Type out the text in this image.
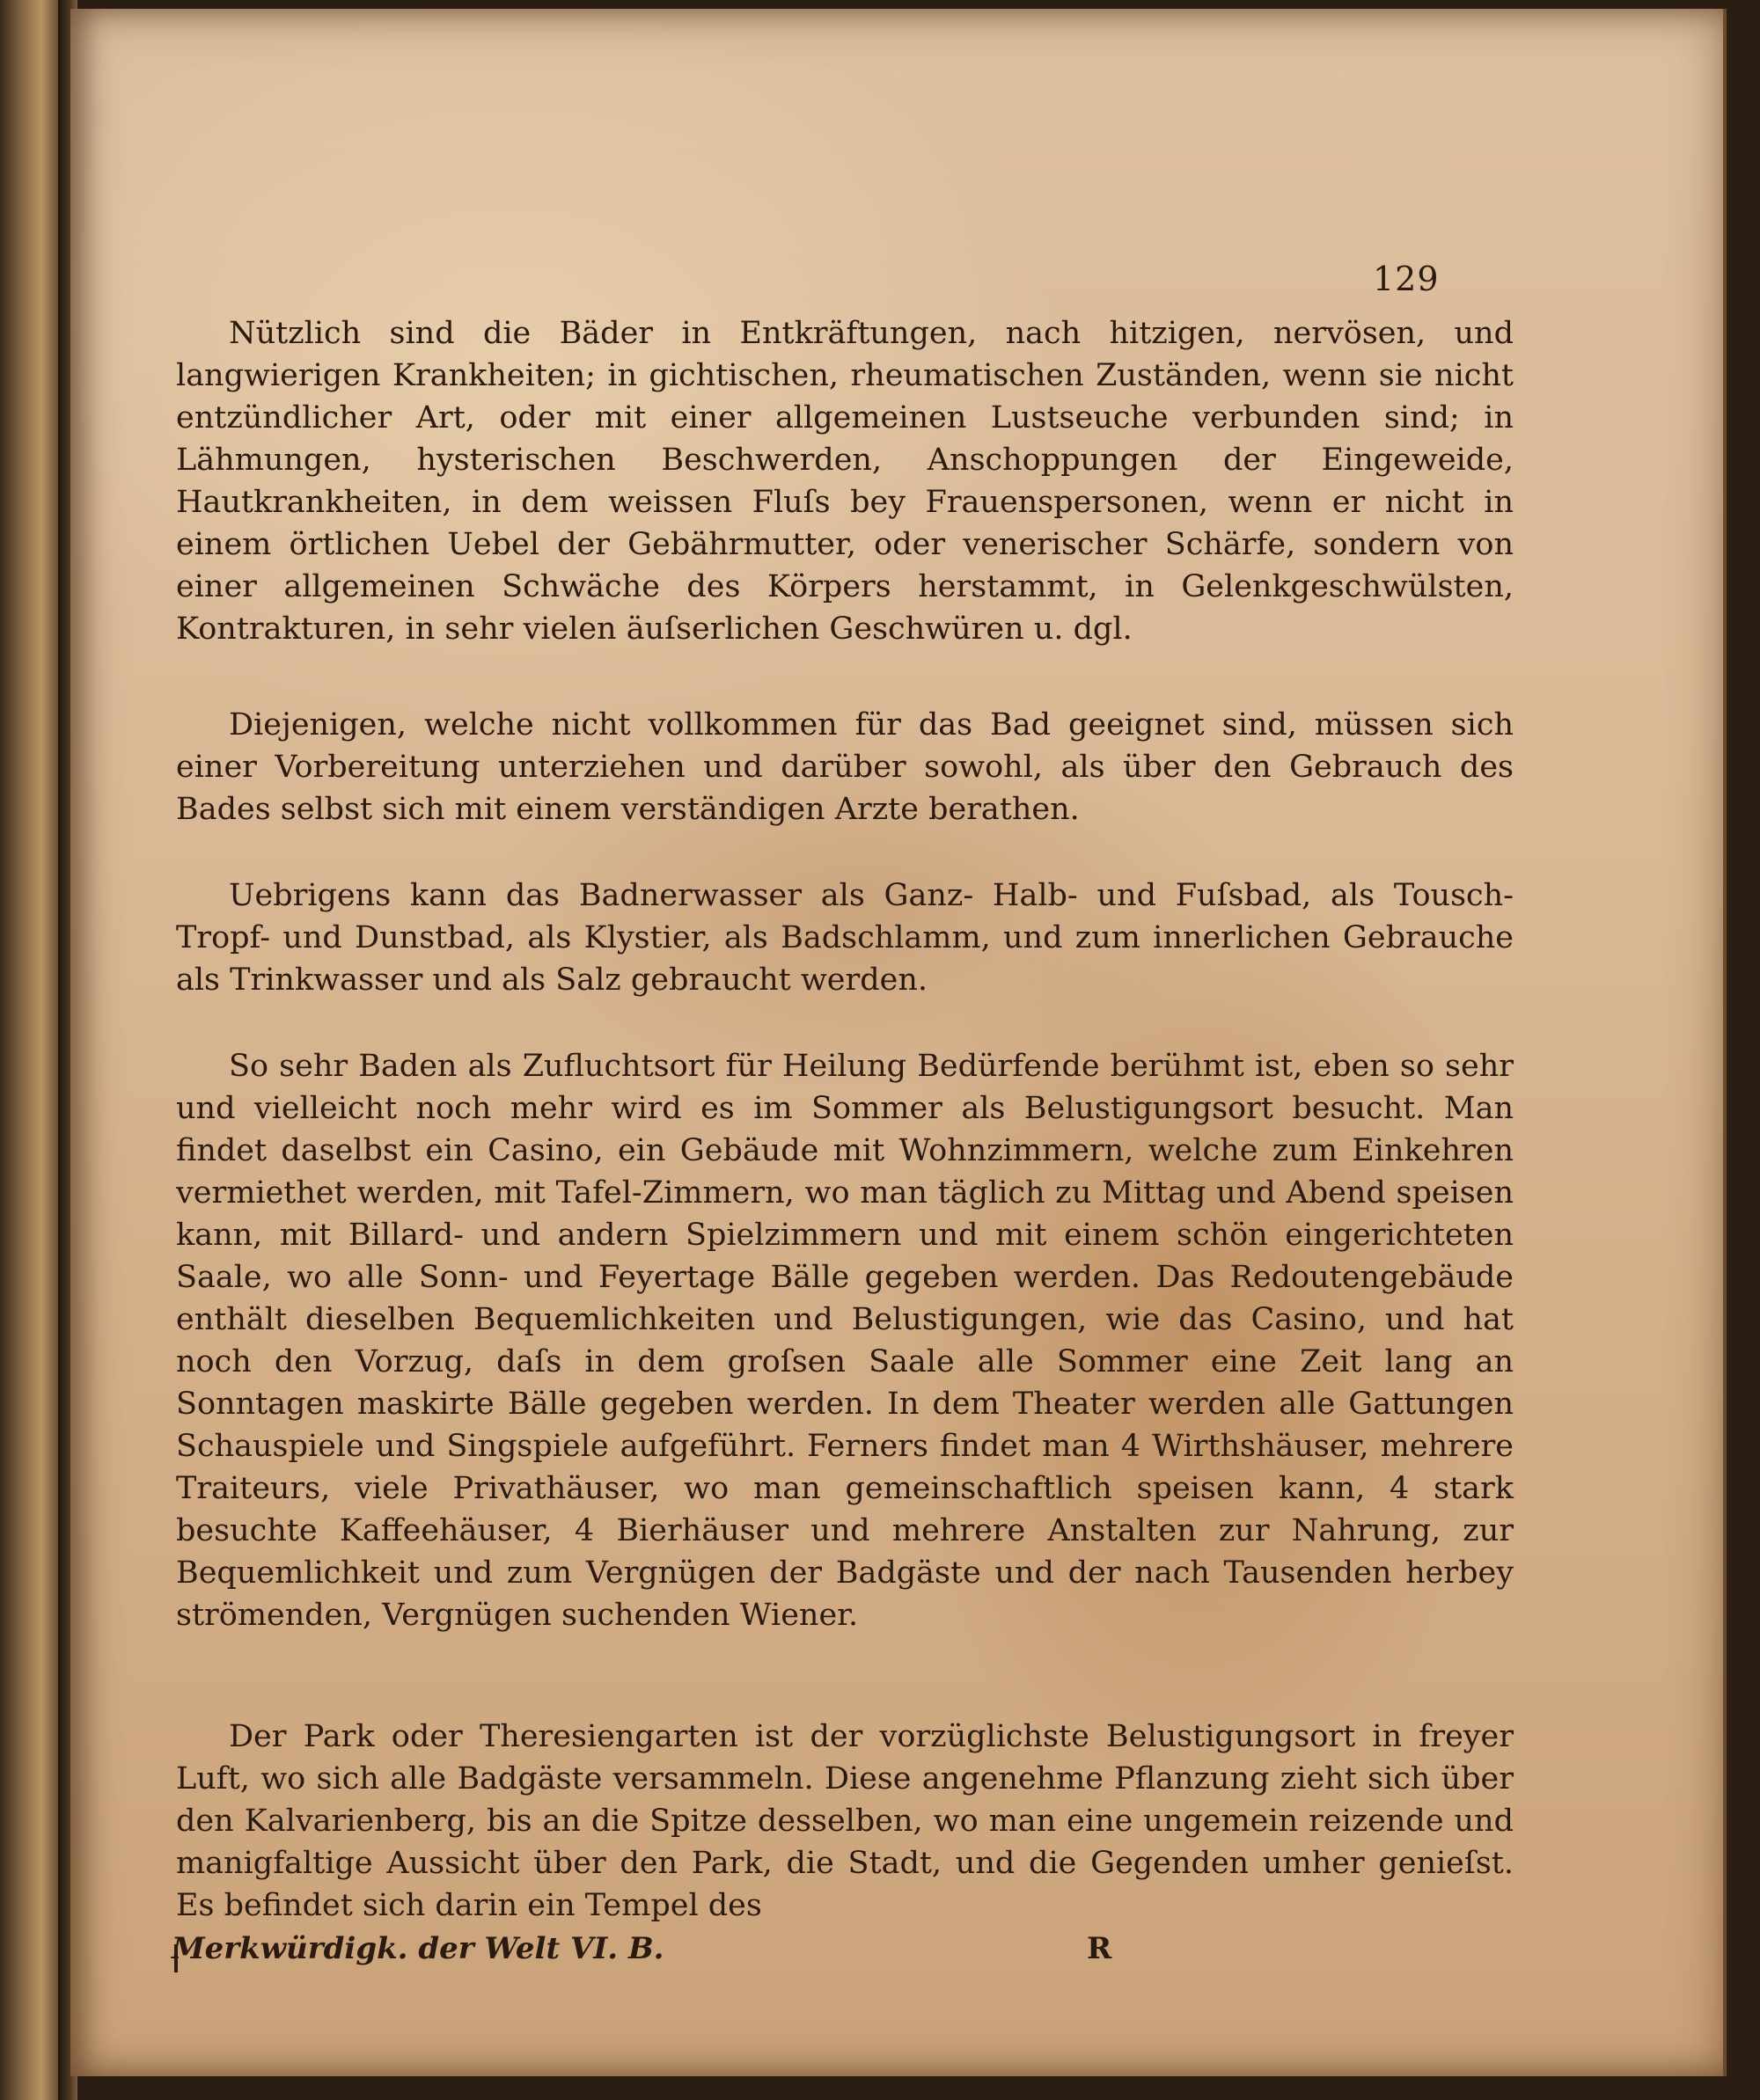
129
Nützlich sind die Bäder in Entkräftungen, nach hitzigen, nervösen, und langwierigen Krankheiten; in gichtischen, rheumatischen Zuständen, wenn sie nicht entzündlicher Art, oder mit einer allgemeinen Lustseuche verbunden sind; in Lähmungen, hysterischen Beschwerden, Anschoppungen der Eingeweide, Hautkrankheiten, in dem weissen Fluſs bey Frauenspersonen, wenn er nicht in einem örtlichen Uebel der Gebährmutter, oder venerischer Schärfe, sondern von einer allgemeinen Schwäche des Körpers herstammt, in Gelenkgeschwülsten, Kontrakturen, in sehr vielen äuſserlichen Geschwüren u. dgl.
Diejenigen, welche nicht vollkommen für das Bad geeignet sind, müssen sich einer Vorbereitung unterziehen und darüber sowohl, als über den Gebrauch des Bades selbst sich mit einem verständigen Arzte berathen.
Uebrigens kann das Badnerwasser als Ganz- Halb- und Fuſsbad, als Tousch- Tropf- und Dunstbad, als Klystier, als Badschlamm, und zum innerlichen Gebrauche als Trinkwasser und als Salz gebraucht werden.
So sehr Baden als Zufluchtsort für Heilung Bedürfende berühmt ist, eben so sehr und vielleicht noch mehr wird es im Sommer als Belustigungsort besucht. Man findet daselbst ein Casino, ein Gebäude mit Wohnzimmern, welche zum Einkehren vermiethet werden, mit Tafel-Zimmern, wo man täglich zu Mittag und Abend speisen kann, mit Billard- und andern Spielzimmern und mit einem schön eingerichteten Saale, wo alle Sonn- und Feyertage Bälle gegeben werden. Das Redoutengebäude enthält dieselben Bequemlichkeiten und Belustigungen, wie das Casino, und hat noch den Vorzug, daſs in dem groſsen Saale alle Sommer eine Zeit lang an Sonntagen maskirte Bälle gegeben werden. In dem Theater werden alle Gattungen Schauspiele und Singspiele aufgeführt. Ferners findet man 4 Wirthshäuser, mehrere Traiteurs, viele Privathäuser, wo man gemeinschaftlich speisen kann, 4 stark besuchte Kaffeehäuser, 4 Bierhäuser und mehrere Anstalten zur Nahrung, zur Bequemlichkeit und zum Vergnügen der Badgäste und der nach Tausenden herbey strömenden, Vergnügen suchenden Wiener.
Der Park oder Theresiengarten ist der vorzüglichste Belustigungsort in freyer Luft, wo sich alle Badgäste versammeln. Diese angenehme Pflanzung zieht sich über den Kalvarienberg, bis an die Spitze desselben, wo man eine ungemein reizende und manigfaltige Aussicht über den Park, die Stadt, und die Gegenden umher genieſst. Es befindet sich darin ein Tempel des
Merkwürdigk. der Welt VI. B.	R
